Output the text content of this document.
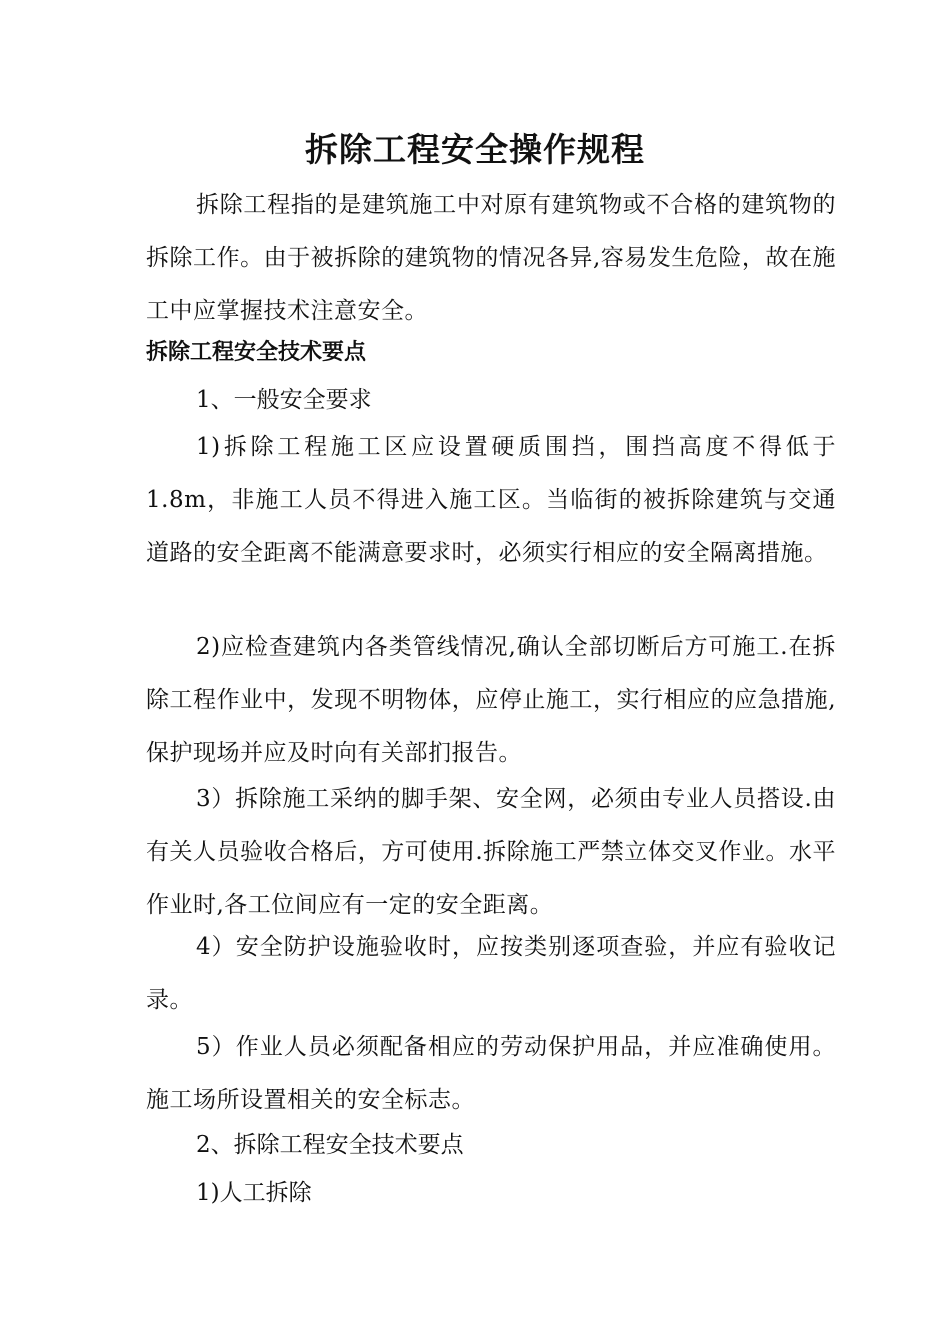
拆除工程安全操作规程
拆除工程指的是建筑施工中对原有建筑物或不合格的建筑物的拆除工作。由于被拆除的建筑物的情况各异,容易发生危险，故在施工中应掌握技术注意安全。
拆除工程安全技术要点
1、一般安全要求
1)拆除工程施工区应设置硬质围挡，围挡高度不得低于1.8m，非施工人员不得进入施工区。当临街的被拆除建筑与交通道路的安全距离不能满意要求时，必须实行相应的安全隔离措施。
2)应检查建筑内各类管线情况,确认全部切断后方可施工.在拆除工程作业中，发现不明物体，应停止施工，实行相应的应急措施,保护现场并应及时向有关部扪报告。
3）拆除施工采纳的脚手架、安全网，必须由专业人员搭设.由有关人员验收合格后，方可使用.拆除施工严禁立体交叉作业。水平作业时,各工位间应有一定的安全距离。
4）安全防护设施验收时，应按类别逐项查验，并应有验收记录。
5）作业人员必须配备相应的劳动保护用品，并应准确使用。施工场所设置相关的安全标志。
2、拆除工程安全技术要点
1)人工拆除
